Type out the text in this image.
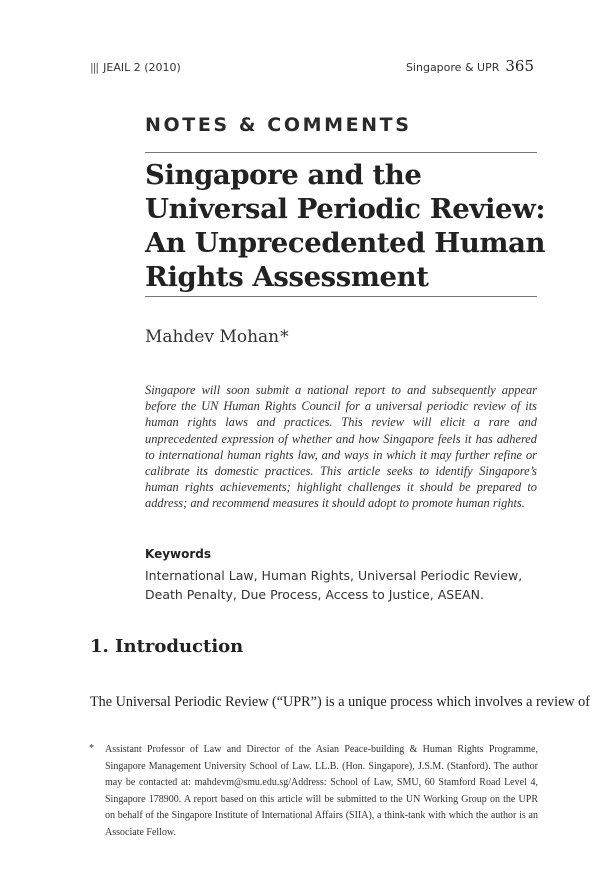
||| JEAIL 2 (2010)	Singapore & UPR 365
NOTES & COMMENTS
Singapore and the
Universal Periodic Review:
An Unprecedented Human
Rights Assessment
Mahdev Mohan*

Singapore will soon submit a national report to and subsequently appear before the UN Human Rights Council for a universal periodic review of its human rights laws and practices. This review will elicit a rare and unprecedented expression of whether and how Singapore feels it has adhered to international human rights law, and ways in which it may further refine or calibrate its domestic practices. This article seeks to identify Singapore’s human rights achievements; highlight challenges it should be prepared to address; and recommend measures it should adopt to promote human rights.

Keywords

International Law, Human Rights, Universal Periodic Review, Death Penalty, Due Process, Access to Justice, ASEAN.

1. Introduction

The Universal Periodic Review (“UPR”) is a unique process which involves a review of

* Assistant Professor of Law and Director of the Asian Peace-building & Human Rights Programme, Singapore Management University School of Law. LL.B. (Hon. Singapore), J.S.M. (Stanford). The author may be contacted at: mahdevm@smu.edu.sg/Address: School of Law, SMU, 60 Stamford Road Level 4, Singapore 178900. A report based on this article will be submitted to the UN Working Group on the UPR on behalf of the Singapore Institute of International Affairs (SIIA), a think-tank with which the author is an Associate Fellow.
